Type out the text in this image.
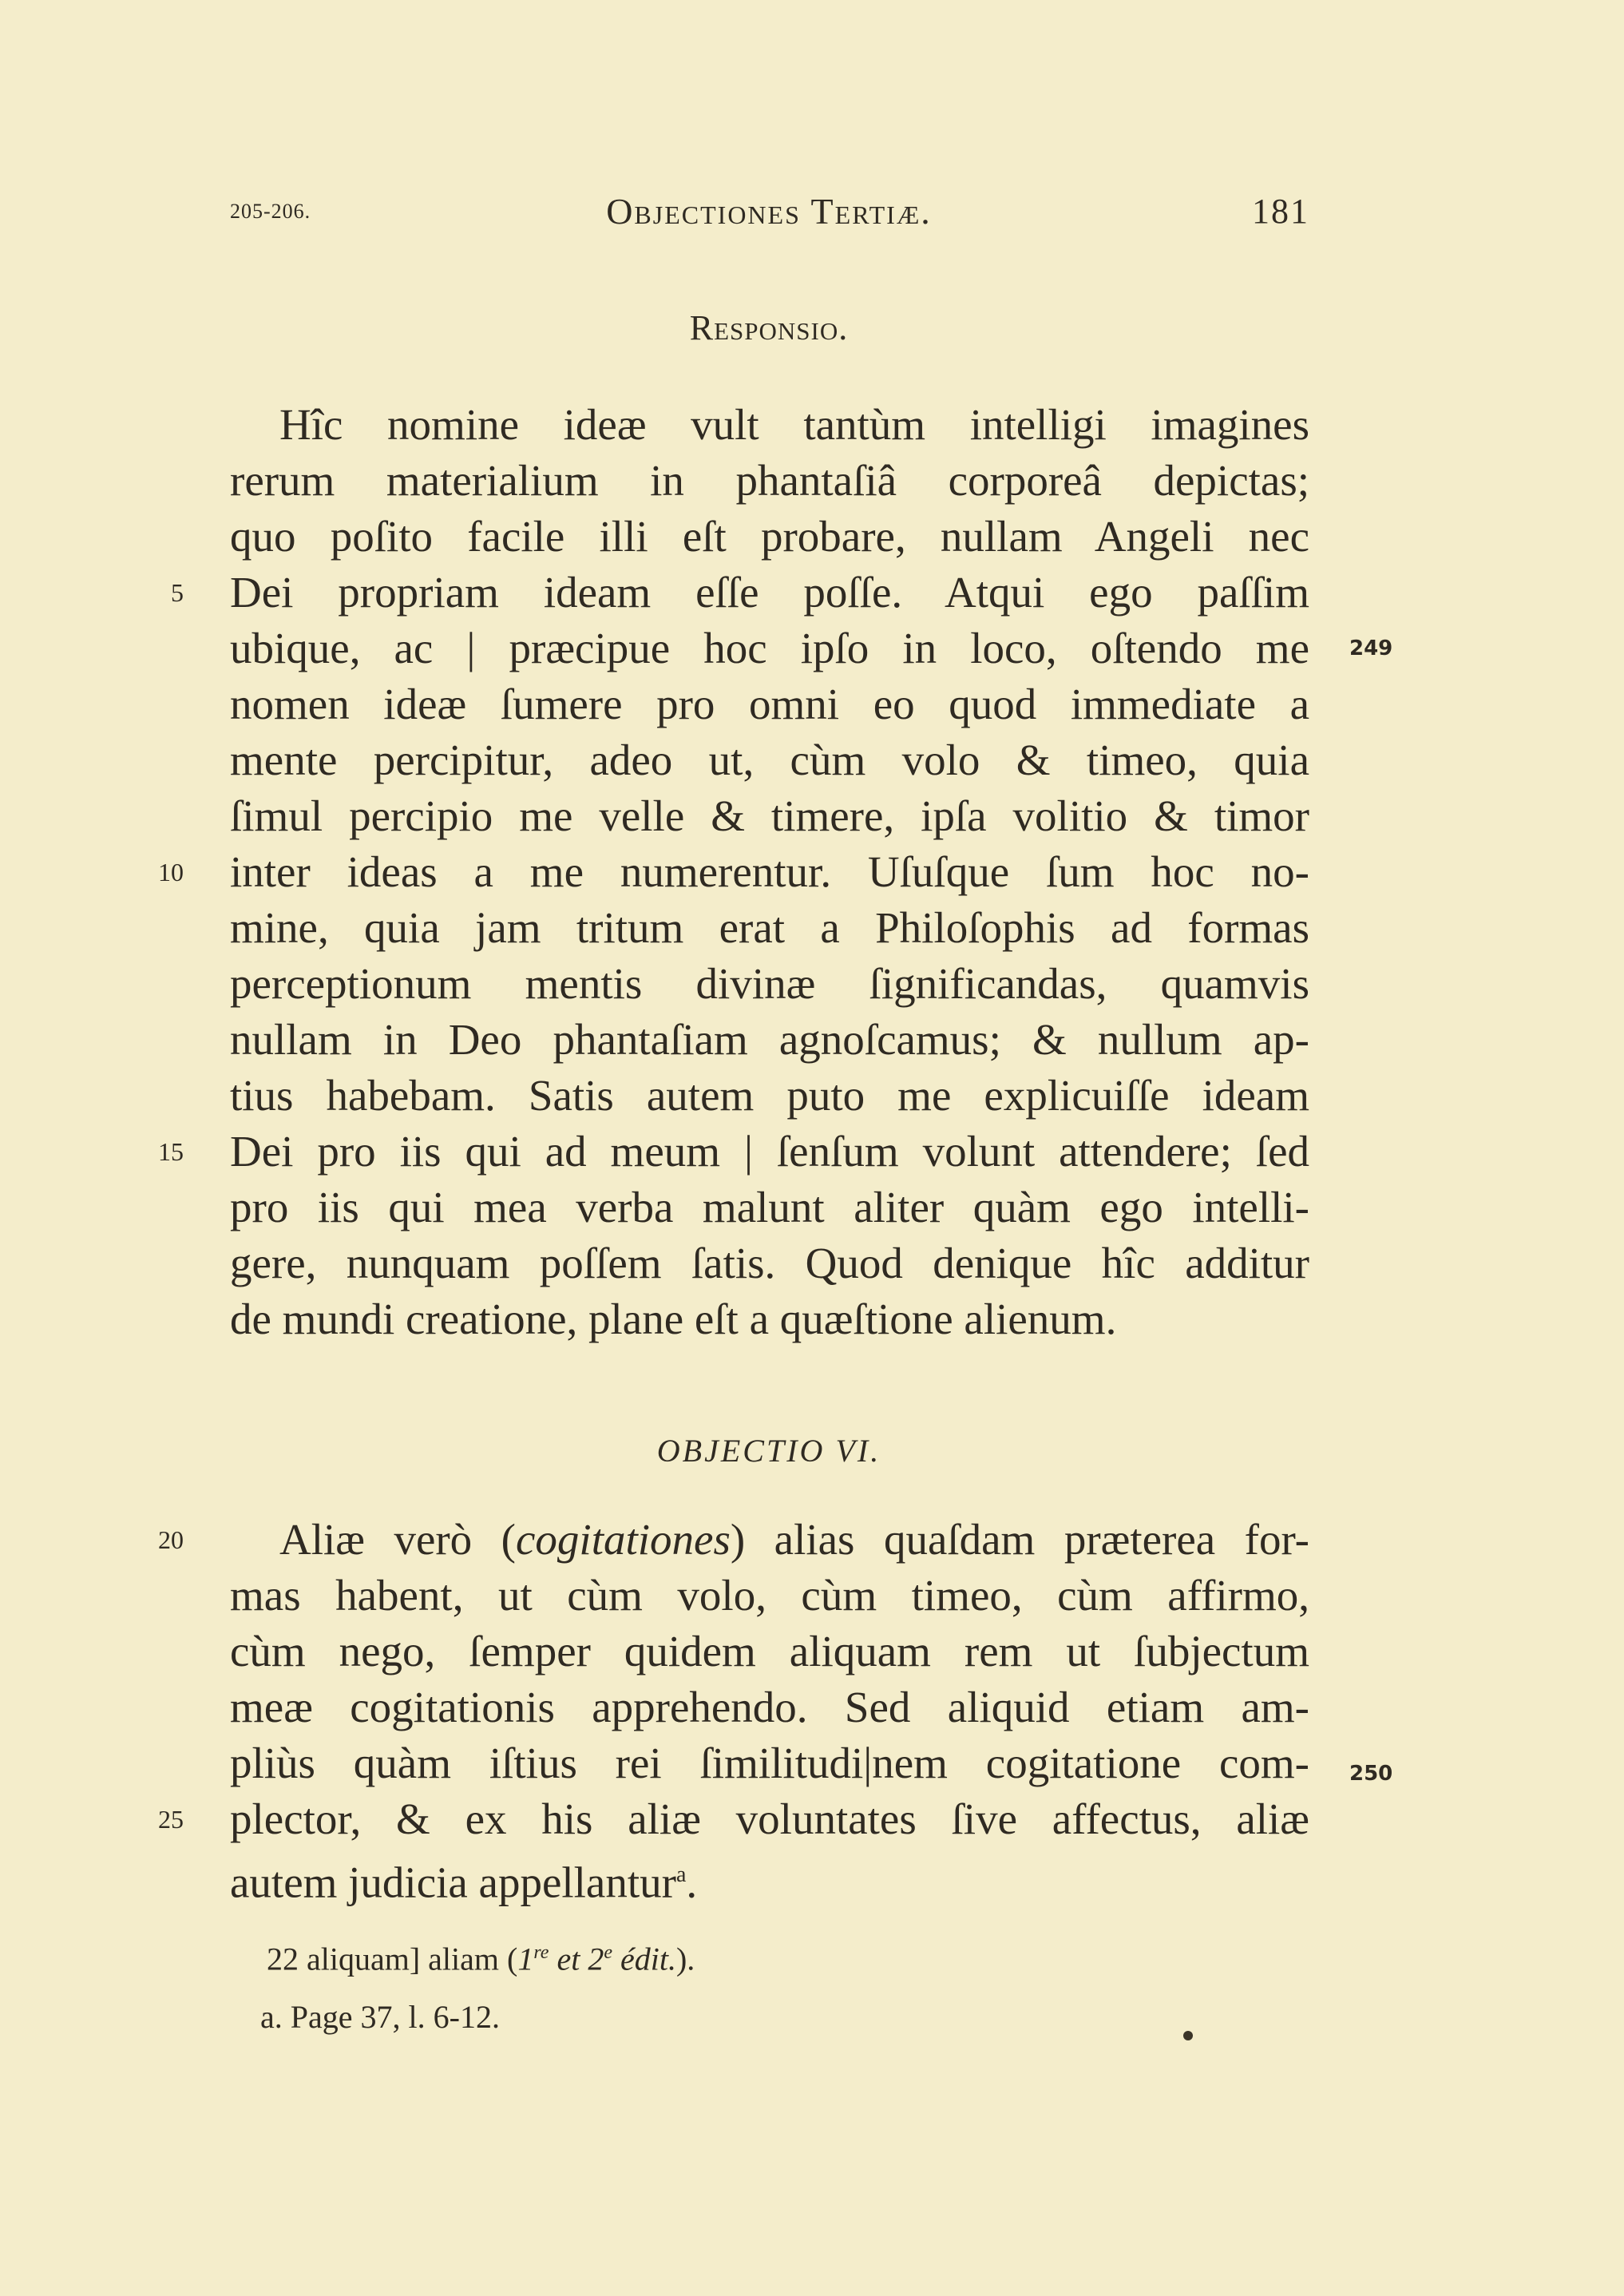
205-206.	Objectiones Tertiæ.	181
Responsio.
Hîc nomine ideæ vult tantùm intelligi imagines
rerum materialium in phantaſiâ corporeâ depictas;
quo poſito facile illi eſt probare, nullam Angeli nec
Dei propriam ideam eſſe poſſe. Atqui ego paſſim
ubique, ac | præcipue hoc ipſo in loco, oſtendo me
nomen ideæ ſumere pro omni eo quod immediate a
mente percipitur, adeo ut, cùm volo & timeo, quia
ſimul percipio me velle & timere, ipſa volitio & timor
inter ideas a me numerentur. Uſuſque ſum hoc no-
mine, quia jam tritum erat a Philoſophis ad formas
perceptionum mentis divinæ ſignificandas, quamvis
nullam in Deo phantaſiam agnoſcamus; & nullum ap-
tius habebam. Satis autem puto me explicuiſſe ideam
Dei pro iis qui ad meum | ſenſum volunt attendere; ſed
pro iis qui mea verba malunt aliter quàm ego intelli-
gere, nunquam poſſem ſatis. Quod denique hîc additur
de mundi creatione, plane eſt a quæſtione alienum.
OBJECTIO VI.
Aliæ verò (cogitationes) alias quaſdam præterea for-
mas habent, ut cùm volo, cùm timeo, cùm affirmo,
cùm nego, ſemper quidem aliquam rem ut ſubjectum
meæ cogitationis apprehendo. Sed aliquid etiam am-
pliùs quàm iſtius rei ſimilitudi|nem cogitatione com-
plector, & ex his aliæ voluntates ſive affectus, aliæ
autem judicia appellantur$^a$.
5
10
15
20
25
249
250
22 aliquam] aliam (1re et 2e édit.).
a. Page 37, l. 6-12.
